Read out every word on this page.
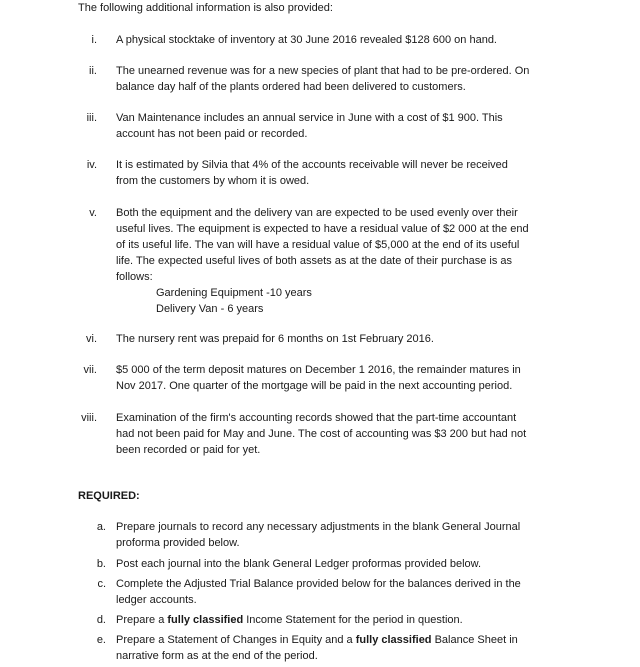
The following additional information is also provided:
i. A physical stocktake of inventory at 30 June 2016 revealed $128 600 on hand.
ii. The unearned revenue was for a new species of plant that had to be pre-ordered. On
balance day half of the plants ordered had been delivered to customers.
iii. Van Maintenance includes an annual service in June with a cost of $1 900. This
account has not been paid or recorded.
iv. It is estimated by Silvia that 4% of the accounts receivable will never be received
from the customers by whom it is owed.
v. Both the equipment and the delivery van are expected to be used evenly over their
useful lives. The equipment is expected to have a residual value of $2 000 at the end
of its useful life. The van will have a residual value of $5,000 at the end of its useful
life. The expected useful lives of both assets as at the date of their purchase is as
follows:
Gardening Equipment -10 years
Delivery Van - 6 years
vi. The nursery rent was prepaid for 6 months on 1st February 2016.
vii. $5 000 of the term deposit matures on December 1 2016, the remainder matures in
Nov 2017. One quarter of the mortgage will be paid in the next accounting period.
viii. Examination of the firm's accounting records showed that the part-time accountant
had not been paid for May and June. The cost of accounting was $3 200 but had not
been recorded or paid for yet.
REQUIRED:
a. Prepare journals to record any necessary adjustments in the blank General Journal
proforma provided below.
b. Post each journal into the blank General Ledger proformas provided below.
c. Complete the Adjusted Trial Balance provided below for the balances derived in the
ledger accounts.
d. Prepare a fully classified Income Statement for the period in question.
e. Prepare a Statement of Changes in Equity and a fully classified Balance Sheet in
narrative form as at the end of the period.
